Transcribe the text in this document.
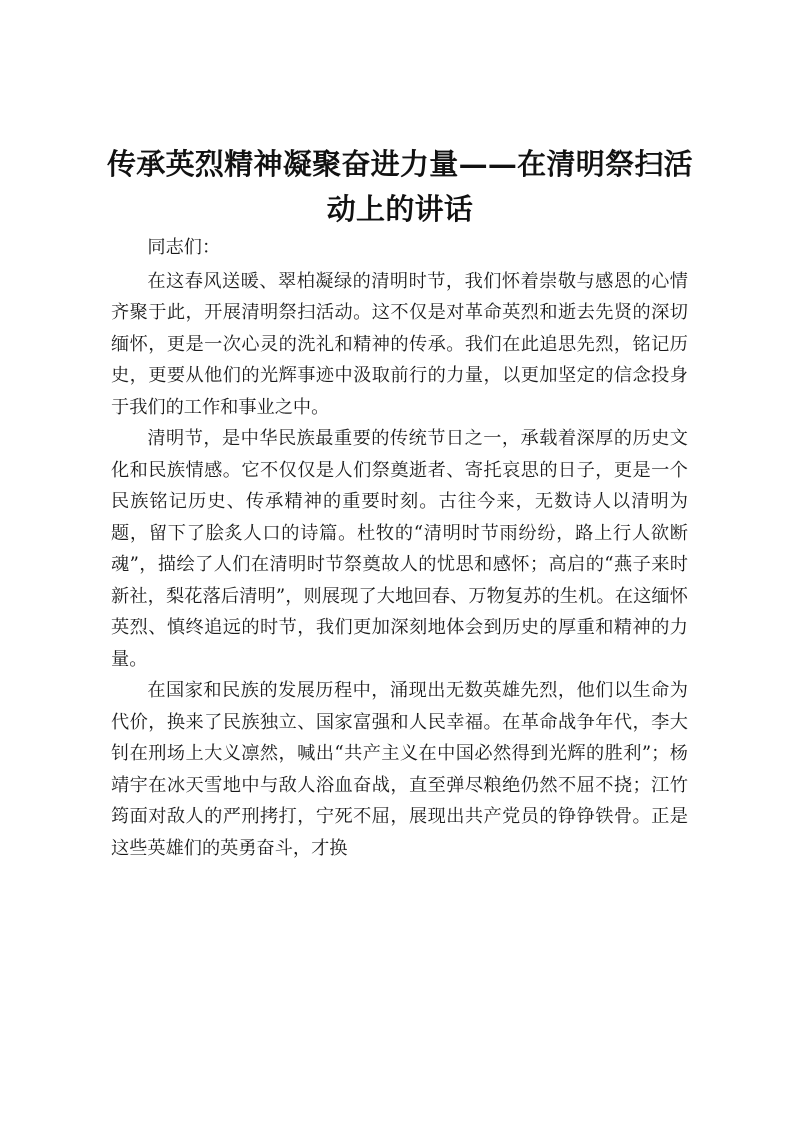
传承英烈精神凝聚奋进力量——在清明祭扫活动上的讲话

同志们：

在这春风送暖、翠柏凝绿的清明时节，我们怀着崇敬与感恩的心情齐聚于此，开展清明祭扫活动。这不仅是对革命英烈和逝去先贤的深切缅怀，更是一次心灵的洗礼和精神的传承。我们在此追思先烈，铭记历史，更要从他们的光辉事迹中汲取前行的力量，以更加坚定的信念投身于我们的工作和事业之中。

清明节，是中华民族最重要的传统节日之一，承载着深厚的历史文化和民族情感。它不仅仅是人们祭奠逝者、寄托哀思的日子，更是一个民族铭记历史、传承精神的重要时刻。古往今来，无数诗人以清明为题，留下了脍炙人口的诗篇。杜牧的“清明时节雨纷纷，路上行人欲断魂”，描绘了人们在清明时节祭奠故人的忧思和感怀；高启的“燕子来时新社，梨花落后清明”，则展现了大地回春、万物复苏的生机。在这缅怀英烈、慎终追远的时节，我们更加深刻地体会到历史的厚重和精神的力量。

在国家和民族的发展历程中，涌现出无数英雄先烈，他们以生命为代价，换来了民族独立、国家富强和人民幸福。在革命战争年代，李大钊在刑场上大义凛然，喊出“共产主义在中国必然得到光辉的胜利”；杨靖宇在冰天雪地中与敌人浴血奋战，直至弹尽粮绝仍然不屈不挠；江竹筠面对敌人的严刑拷打，宁死不屈，展现出共产党员的铮铮铁骨。正是这些英雄们的英勇奋斗，才换
